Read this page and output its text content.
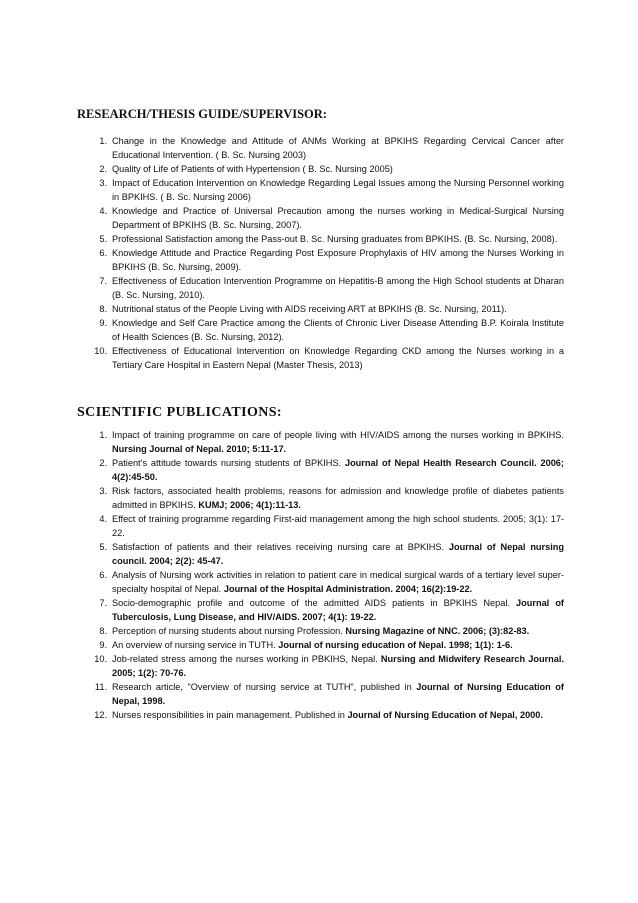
RESEARCH/THESIS GUIDE/SUPERVISOR:
1 . Change in the Knowledge and Attitude of ANMs Working at BPKIHS Regarding Cervical Cancer after Educational Intervention. ( B. Sc. Nursing 2003)
2 . Quality of Life of Patients of with Hypertension ( B. Sc. Nursing 2005)
3 . Impact of Education Intervention on Knowledge Regarding Legal Issues among the Nursing Personnel working in BPKIHS. ( B. Sc. Nursing 2006)
4 . Knowledge and Practice of Universal Precaution among the nurses working in Medical-Surgical Nursing Department of BPKIHS (B. Sc. Nursing, 2007).
5 . Professional Satisfaction among the Pass-out B. Sc. Nursing graduates from BPKIHS. (B. Sc. Nursing, 2008).
6 . Knowledge Attitude and Practice Regarding Post Exposure Prophylaxis of HIV among the Nurses Working in BPKIHS (B. Sc. Nursing, 2009).
7 . Effectiveness of Education Intervention Programme on Hepatitis-B among the High School students at Dharan (B. Sc. Nursing, 2010).
8 . Nutritional status of the People Living with AIDS receiving ART at BPKIHS (B. Sc. Nursing, 2011).
9 . Knowledge and Self Care Practice among the Clients of Chronic Liver Disease Attending B.P. Koirala Institute of Health Sciences (B. Sc. Nursing, 2012).
10 . Effectiveness of Educational Intervention on Knowledge Regarding CKD among the Nurses working in a Tertiary Care Hospital in Eastern Nepal (Master Thesis, 2013)
SCIENTIFIC PUBLICATIONS:
1 . Impact of training programme on care of people living with HIV/AIDS among the nurses working in BPKIHS. Nursing Journal of Nepal. 2010; 5:11-17.
2 . Patient’s attitude towards nursing students of BPKIHS. Journal of Nepal Health Research Council. 2006; 4(2):45-50.
3 . Risk factors, associated health problems, reasons for admission and knowledge profile of diabetes patients admitted in BPKIHS. KUMJ; 2006; 4(1):11-13.
4 . Effect of training programme regarding First-aid management among the high school students. 2005; 3(1): 17-22.
5 . Satisfaction of patients and their relatives receiving nursing care at BPKIHS. Journal of Nepal nursing council. 2004; 2(2): 45-47.
6 . Analysis of Nursing work activities in relation to patient care in medical surgical wards of a tertiary level super-specialty hospital of Nepal. Journal of the Hospital Administration. 2004; 16(2):19-22.
7 . Socio-demographic profile and outcome of the admitted AIDS patients in BPKIHS Nepal. Journal of Tuberculosis, Lung Disease, and HIV/AIDS. 2007; 4(1): 19-22.
8 . Perception of nursing students about nursing Profession. Nursing Magazine of NNC. 2006; (3):82-83.
9 . An overview of nursing service in TUTH. Journal of nursing education of Nepal. 1998; 1(1): 1-6.
10 . Job-related stress among the nurses working in PBKIHS, Nepal. Nursing and Midwifery Research Journal. 2005; 1(2): 70-76.
11 . Research article, "Overview of nursing service at TUTH”, published in Journal of Nursing Education of Nepal, 1998.
12 . Nurses responsibilities in pain management. Published in Journal of Nursing Education of Nepal, 2000.
